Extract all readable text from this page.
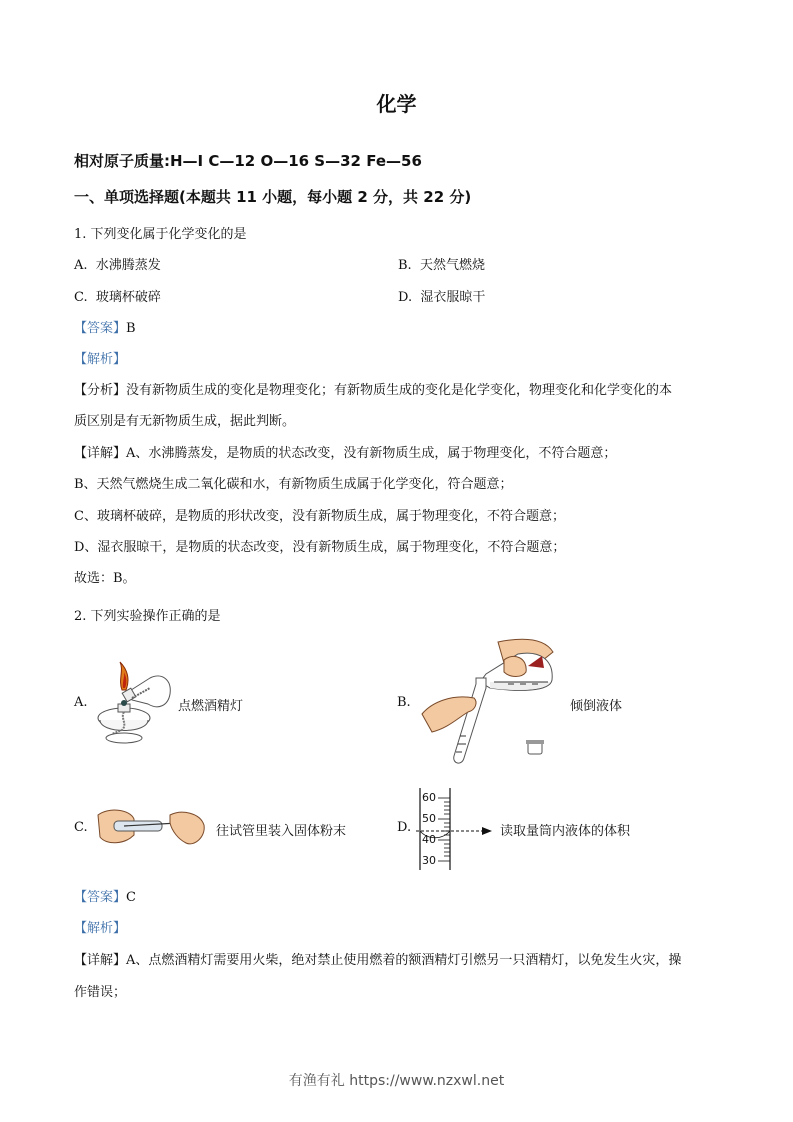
化学
相对原子质量:H—I C—12 O—16 S—32 Fe—56
一、单项选择题(本题共 11 小题，每小题 2 分，共 22 分)
1. 下列变化属于化学变化的是
A. 水沸腾蒸发	B. 天然气燃烧
C. 玻璃杯破碎	D. 湿衣服晾干
【答案】B
【解析】
【分析】没有新物质生成的变化是物理变化；有新物质生成的变化是化学变化，物理变化和化学变化的本
质区别是有无新物质生成，据此判断。
【详解】A、水沸腾蒸发，是物质的状态改变，没有新物质生成，属于物理变化，不符合题意；
B、天然气燃烧生成二氧化碳和水，有新物质生成属于化学变化，符合题意；
C、玻璃杯破碎，是物质的形状改变，没有新物质生成，属于物理变化，不符合题意；
D、湿衣服晾干，是物质的状态改变，没有新物质生成，属于物理变化，不符合题意；
故选：B。
2. 下列实验操作正确的是
A.	点燃酒精灯	B.	倾倒液体
C.	往试管里装入固体粉末	D.
60
50
40
30
读取量筒内液体的体积
【答案】C
【解析】
【详解】A、点燃酒精灯需要用火柴，绝对禁止使用燃着的额酒精灯引燃另一只酒精灯，以免发生火灾，操
作错误；
有渔有礼 https://www.nzxwl.net
